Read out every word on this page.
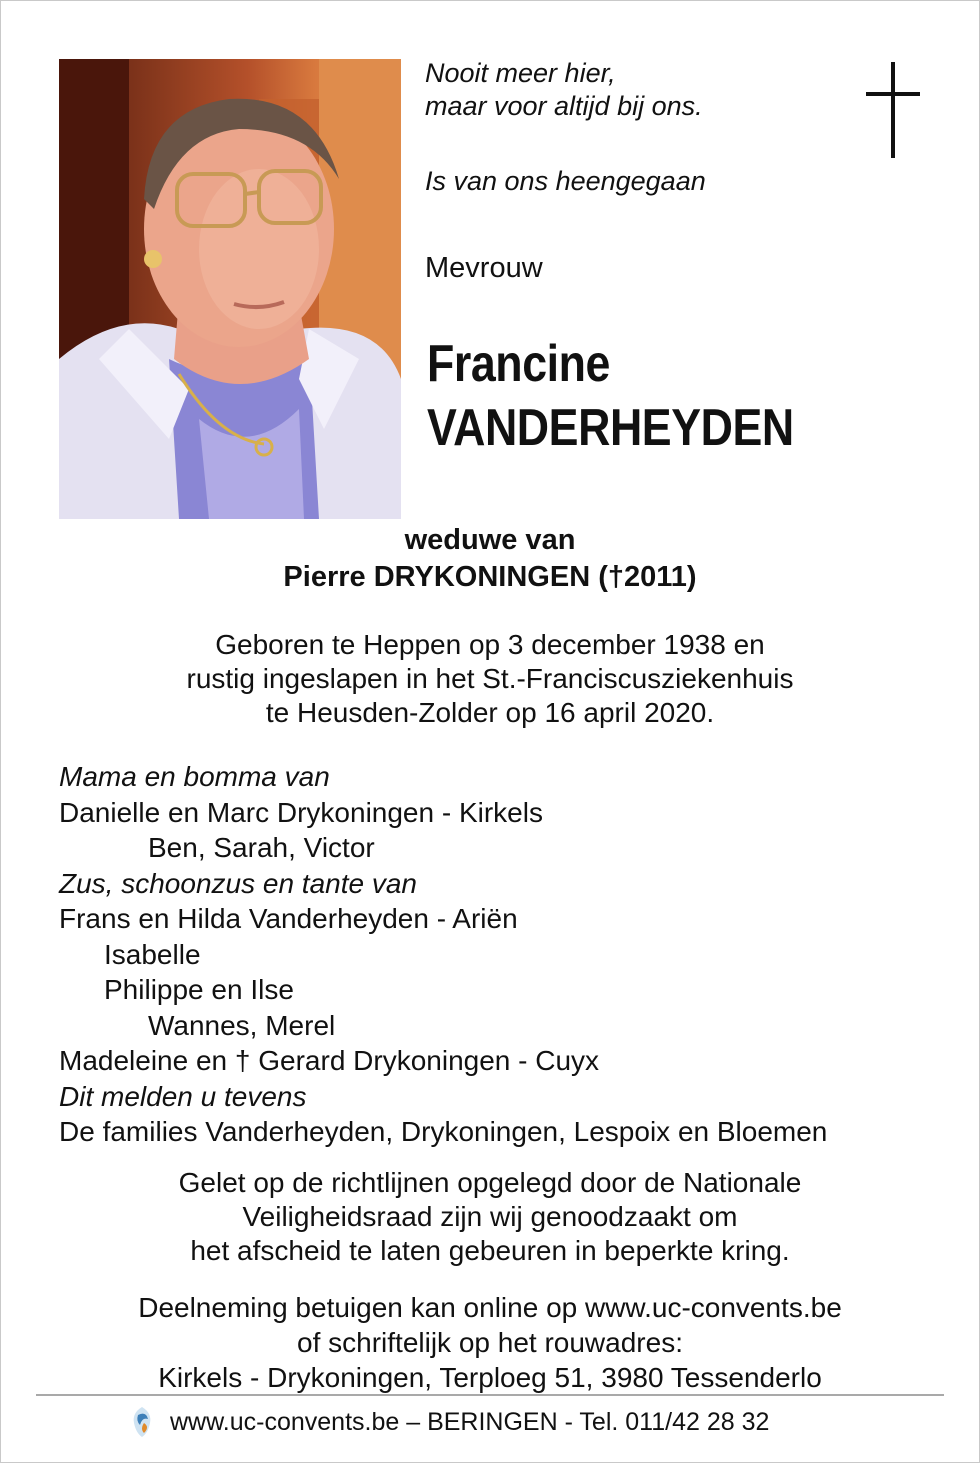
Nooit meer hier,
maar voor altijd bij ons.
Is van ons heengegaan
Mevrouw
Francine
VANDERHEYDEN
weduwe van
Pierre DRYKONINGEN (†2011)
Geboren te Heppen op 3 december 1938 en
rustig ingeslapen in het St.-Franciscusziekenhuis
te Heusden-Zolder op 16 april 2020.
Mama en bomma van
Danielle en Marc Drykoningen - Kirkels
Ben, Sarah, Victor
Zus, schoonzus en tante van
Frans en Hilda Vanderheyden - Ariën
Isabelle
Philippe en Ilse
Wannes, Merel
Madeleine en † Gerard Drykoningen - Cuyx
Dit melden u tevens
De families Vanderheyden, Drykoningen, Lespoix en Bloemen
Gelet op de richtlijnen opgelegd door de Nationale
Veiligheidsraad zijn wij genoodzaakt om
het afscheid te laten gebeuren in beperkte kring.
Deelneming betuigen kan online op www.uc-convents.be
of schriftelijk op het rouwadres:
Kirkels - Drykoningen, Terploeg 51, 3980 Tessenderlo
www.uc-convents.be – BERINGEN - Tel. 011/42 28 32
